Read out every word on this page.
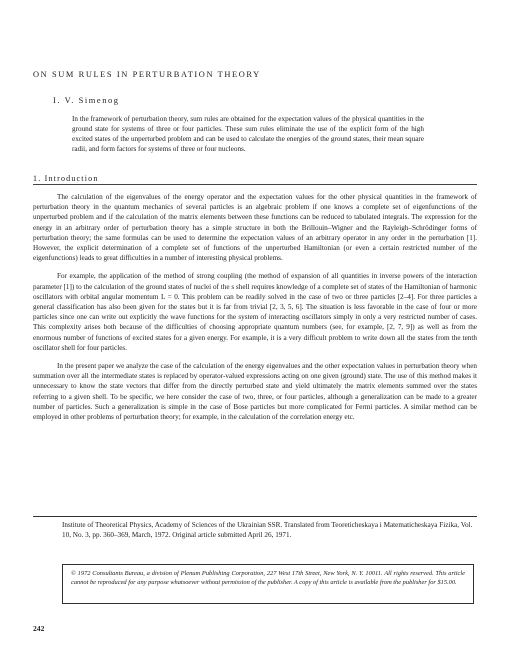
ON SUM RULES IN PERTURBATION THEORY
I. V. Simenog
In the framework of perturbation theory, sum rules are obtained for the expectation values of the physical quantities in the ground state for systems of three or four particles. These sum rules eliminate the use of the explicit form of the high excited states of the unperturbed problem and can be used to calculate the energies of the ground states, their mean square radii, and form factors for systems of three or four nucleons.
1. Introduction

The calculation of the eigenvalues of the energy operator and the expectation values for the other physical quantities in the framework of perturbation theory in the quantum mechanics of several particles is an algebraic problem if one knows a complete set of eigenfunctions of the unperturbed problem and if the calculation of the matrix elements between these functions can be reduced to tabulated integrals. The expression for the energy in an arbitrary order of perturbation theory has a simple structure in both the Brillouin–Wigner and the Rayleigh–Schrödinger forms of perturbation theory; the same formulas can be used to determine the expectation values of an arbitrary operator in any order in the perturbation [1]. However, the explicit determination of a complete set of functions of the unperturbed Hamiltonian (or even a certain restricted number of the eigenfunctions) leads to great difficulties in a number of interesting physical problems.

For example, the application of the method of strong coupling (the method of expansion of all quantities in inverse powers of the interaction parameter [1]) to the calculation of the ground states of nuclei of the s shell requires knowledge of a complete set of states of the Hamiltonian of harmonic oscillators with orbital angular momentum L = 0. This problem can be readily solved in the case of two or three particles [2–4]. For three particles a general classification has also been given for the states but it is far from trivial [2, 3, 5, 6]. The situation is less favorable in the case of four or more particles since one can write out explicitly the wave functions for the system of interacting oscillators simply in only a very restricted number of cases. This complexity arises both because of the difficulties of choosing appropriate quantum numbers (see, for example, [2, 7, 9]) as well as from the enormous number of functions of excited states for a given energy. For example, it is a very difficult problem to write down all the states from the tenth oscillator shell for four particles.

In the present paper we analyze the case of the calculation of the energy eigenvalues and the other expectation values in perturbation theory when summation over all the intermediate states is replaced by operator-valued expressions acting on one given (ground) state. The use of this method makes it unnecessary to know the state vectors that differ from the directly perturbed state and yield ultimately the matrix elements summed over the states referring to a given shell. To be specific, we here consider the case of two, three, or four particles, although a generalization can be made to a greater number of particles. Such a generalization is simple in the case of Bose particles but more complicated for Fermi particles. A similar method can be employed in other problems of perturbation theory; for example, in the calculation of the correlation energy etc.

Institute of Theoretical Physics, Academy of Sciences of the Ukrainian SSR. Translated from Teoreticheskaya i Matematicheskaya Fizika, Vol. 10, No. 3, pp. 360–369, March, 1972. Original article submitted April 26, 1971.

© 1972 Consultants Bureau, a division of Plenum Publishing Corporation, 227 West 17th Street, New York, N. Y. 10011. All rights reserved. This article cannot be reproduced for any purpose whatsoever without permission of the publisher. A copy of this article is available from the publisher for $15.00.

242
